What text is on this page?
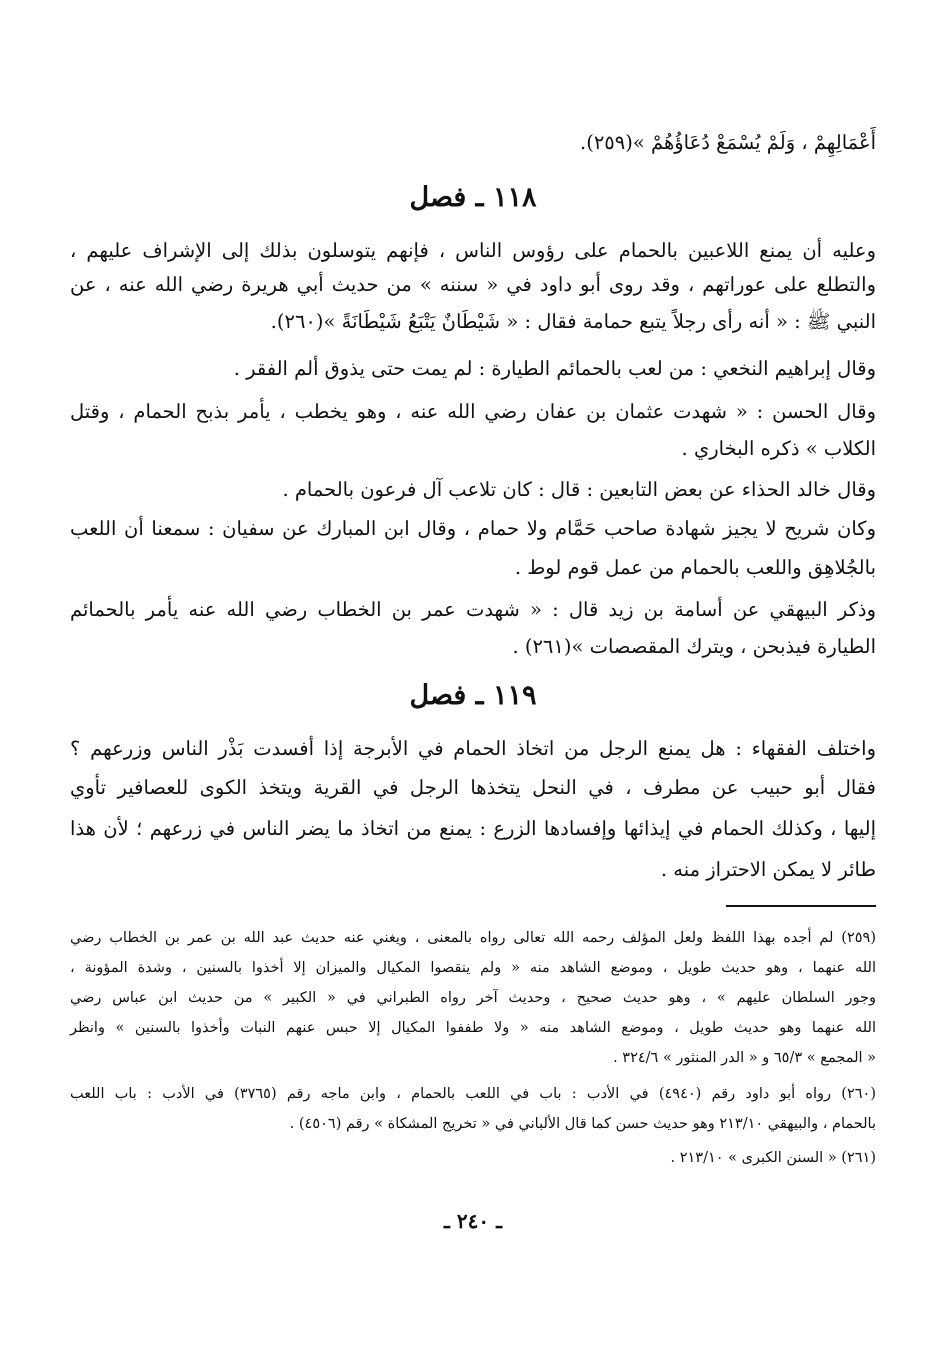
أَعْمَالِهِمْ ، وَلَمْ يُسْمَعْ دُعَاؤُهُمْ »(٢٥٩).
١١٨ ـ فصل
وعليه أن يمنع اللاعبين بالحمام على رؤوس الناس ، فإنهم يتوسلون بذلك إلى الإشراف عليهم ،
والتطلع على عوراتهم ، وقد روى أبو داود في « سننه » من حديث أبي هريرة رضي الله عنه ، عن
النبي ﷺ : « أنه رأى رجلاً يتبع حمامة فقال : « شَيْطَانٌ يَتْبَعُ شَيْطَانَةً »(٢٦٠).
وقال إبراهيم النخعي : من لعب بالحمائم الطيارة : لم يمت حتى يذوق ألم الفقر .
وقال الحسن : « شهدت عثمان بن عفان رضي الله عنه ، وهو يخطب ، يأمر بذبح الحمام ، وقتل
الكلاب » ذكره البخاري .
وقال خالد الحذاء عن بعض التابعين : قال : كان تلاعب آل فرعون بالحمام .
وكان شريح لا يجيز شهادة صاحب حَمَّام ولا حمام ، وقال ابن المبارك عن سفيان : سمعنا أن اللعب
بالجُلاهِق واللعب بالحمام من عمل قوم لوط .
وذكر البيهقي عن أسامة بن زيد قال : « شهدت عمر بن الخطاب رضي الله عنه يأمر بالحمائم
الطيارة فيذبحن ، ويترك المقصصات »(٢٦١) .
١١٩ ـ فصل
واختلف الفقهاء : هل يمنع الرجل من اتخاذ الحمام في الأبرجة إذا أفسدت بَذْر الناس وزرعهم ؟
فقال أبو حبيب عن مطرف ، في النحل يتخذها الرجل في القرية ويتخذ الكوى للعصافير تأوي
إليها ، وكذلك الحمام في إيذائها وإفسادها الزرع : يمنع من اتخاذ ما يضر الناس في زرعهم ؛ لأن هذا
طائر لا يمكن الاحتراز منه .
(٢٥٩) لم أجده بهذا اللفظ ولعل المؤلف رحمه الله تعالى رواه بالمعنى ، ويغني عنه حديث عبد الله بن عمر بن الخطاب رضي
الله عنهما ، وهو حديث طويل ، وموضع الشاهد منه « ولم ينقصوا المكيال والميزان إلا أخذوا بالسنين ، وشدة المؤونة ،
وجور السلطان عليهم » ، وهو حديث صحيح ، وحديث آخر رواه الطبراني في « الكبير » من حديث ابن عباس رضي
الله عنهما وهو حديث طويل ، وموضع الشاهد منه « ولا طففوا المكيال إلا حبس عنهم النبات وأخذوا بالسنين » وانظر
« المجمع » ٦٥/٣ و « الدر المنثور » ٣٢٤/٦ .
(٢٦٠) رواه أبو داود رقم (٤٩٤٠) في الأدب : باب في اللعب بالحمام ، وابن ماجه رقم (٣٧٦٥) في الأدب : باب اللعب
بالحمام ، والبيهقي ٢١٣/١٠ وهو حديث حسن كما قال الألباني في « تخريج المشكاة » رقم (٤٥٠٦) .
(٢٦١) « السنن الكبرى » ٢١٣/١٠ .
ـ ٢٤٠ ـ
